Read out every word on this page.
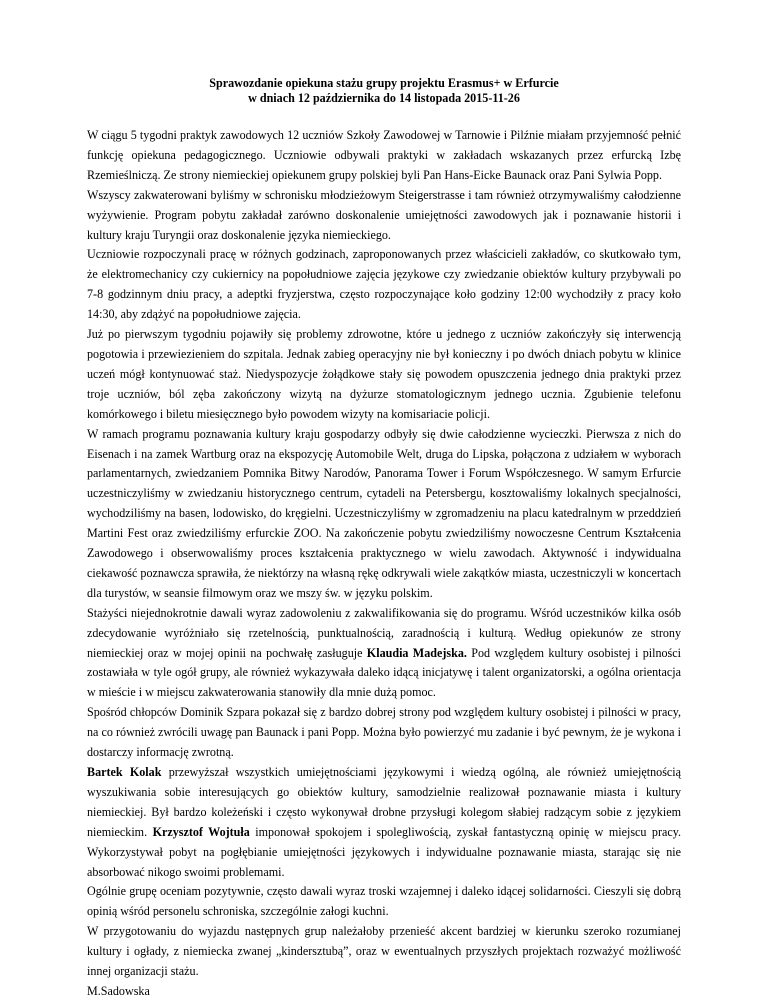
Sprawozdanie opiekuna stażu grupy projektu Erasmus+ w Erfurcie
w dniach 12 października do 14 listopada 2015-11-26

W ciągu 5 tygodni praktyk zawodowych 12 uczniów Szkoły Zawodowej w Tarnowie i Pilźnie miałam przyjemność pełnić funkcję opiekuna pedagogicznego. Uczniowie odbywali praktyki w zakładach wskazanych przez erfurcką Izbę Rzemieślniczą. Ze strony niemieckiej opiekunem grupy polskiej byli Pan Hans-Eicke Baunack oraz Pani Sylwia Popp.

Wszyscy zakwaterowani byliśmy w schronisku młodzieżowym Steigerstrasse i tam również otrzymywaliśmy całodzienne wyżywienie. Program pobytu zakładał zarówno doskonalenie umiejętności zawodowych jak i poznawanie historii i kultury kraju Turyngii oraz doskonalenie języka niemieckiego.

Uczniowie rozpoczynali pracę w różnych godzinach, zaproponowanych przez właścicieli zakładów, co skutkowało tym, że elektromechanicy czy cukiernicy na popołudniowe zajęcia językowe czy zwiedzanie obiektów kultury przybywali po 7-8 godzinnym dniu pracy, a adeptki fryzjerstwa, często rozpoczynające koło godziny 12:00 wychodziły z pracy koło 14:30, aby zdążyć na popołudniowe zajęcia.

Już po pierwszym tygodniu pojawiły się problemy zdrowotne, które u jednego z uczniów zakończyły się interwencją pogotowia i przewiezieniem do szpitala. Jednak zabieg operacyjny nie był konieczny i po dwóch dniach pobytu w klinice uczeń mógł kontynuować staż. Niedyspozycje żołądkowe stały się powodem opuszczenia jednego dnia praktyki przez troje uczniów, ból zęba zakończony wizytą na dyżurze stomatologicznym jednego ucznia. Zgubienie telefonu komórkowego i biletu miesięcznego było powodem wizyty na komisariacie policji.

W ramach programu poznawania kultury kraju gospodarzy odbyły się dwie całodzienne wycieczki. Pierwsza z nich do Eisenach i na zamek Wartburg oraz na ekspozycję Automobile Welt, druga do Lipska, połączona z udziałem w wyborach parlamentarnych, zwiedzaniem Pomnika Bitwy Narodów, Panorama Tower i Forum Współczesnego. W samym Erfurcie uczestniczyliśmy w zwiedzaniu historycznego centrum, cytadeli na Petersbergu, kosztowaliśmy lokalnych specjalności, wychodziliśmy na basen, lodowisko, do kręgielni. Uczestniczyliśmy w zgromadzeniu na placu katedralnym w przeddzień Martini Fest oraz zwiedziliśmy erfurckie ZOO. Na zakończenie pobytu zwiedziliśmy nowoczesne Centrum Kształcenia Zawodowego i obserwowaliśmy proces kształcenia praktycznego w wielu zawodach. Aktywność i indywidualna ciekawość poznawcza sprawiła, że niektórzy na własną rękę odkrywali wiele zakątków miasta, uczestniczyli w koncertach dla turystów, w seansie filmowym oraz we mszy św. w języku polskim.

Stażyści niejednokrotnie dawali wyraz zadowoleniu z zakwalifikowania się do programu. Wśród uczestników kilka osób zdecydowanie wyróżniało się rzetelnością, punktualnością, zaradnością i kulturą. Według opiekunów ze strony niemieckiej oraz w mojej opinii na pochwałę zasługuje Klaudia Madejska. Pod względem kultury osobistej i pilności zostawiała w tyle ogół grupy, ale również wykazywała daleko idącą inicjatywę i talent organizatorski, a ogólna orientacja w mieście i w miejscu zakwaterowania stanowiły dla mnie dużą pomoc.

Spośród chłopców Dominik Szpara pokazał się z bardzo dobrej strony pod względem kultury osobistej i pilności w pracy, na co również zwrócili uwagę pan Baunack i pani Popp. Można było powierzyć mu zadanie i być pewnym, że je wykona i dostarczy informację zwrotną.

Bartek Kolak przewyższał wszystkich umiejętnościami językowymi i wiedzą ogólną, ale również umiejętnością wyszukiwania sobie interesujących go obiektów kultury, samodzielnie realizował poznawanie miasta i kultury niemieckiej. Był bardzo koleżeński i często wykonywał drobne przysługi kolegom słabiej radzącym sobie z językiem niemieckim. Krzysztof Wojtuła imponował spokojem i spolegliwością, zyskał fantastyczną opinię w miejscu pracy. Wykorzystywał pobyt na pogłębianie umiejętności językowych i indywidualne poznawanie miasta, starając się nie absorbować nikogo swoimi problemami.

Ogólnie grupę oceniam pozytywnie, często dawali wyraz troski wzajemnej i daleko idącej solidarności. Cieszyli się dobrą opinią wśród personelu schroniska, szczególnie załogi kuchni.

W przygotowaniu do wyjazdu następnych grup należałoby przenieść akcent bardziej w kierunku szeroko rozumianej kultury i ogłady, z niemiecka zwanej „kindersztubą”, oraz w ewentualnych przyszłych projektach rozważyć możliwość innej organizacji stażu.

M.Sadowska
